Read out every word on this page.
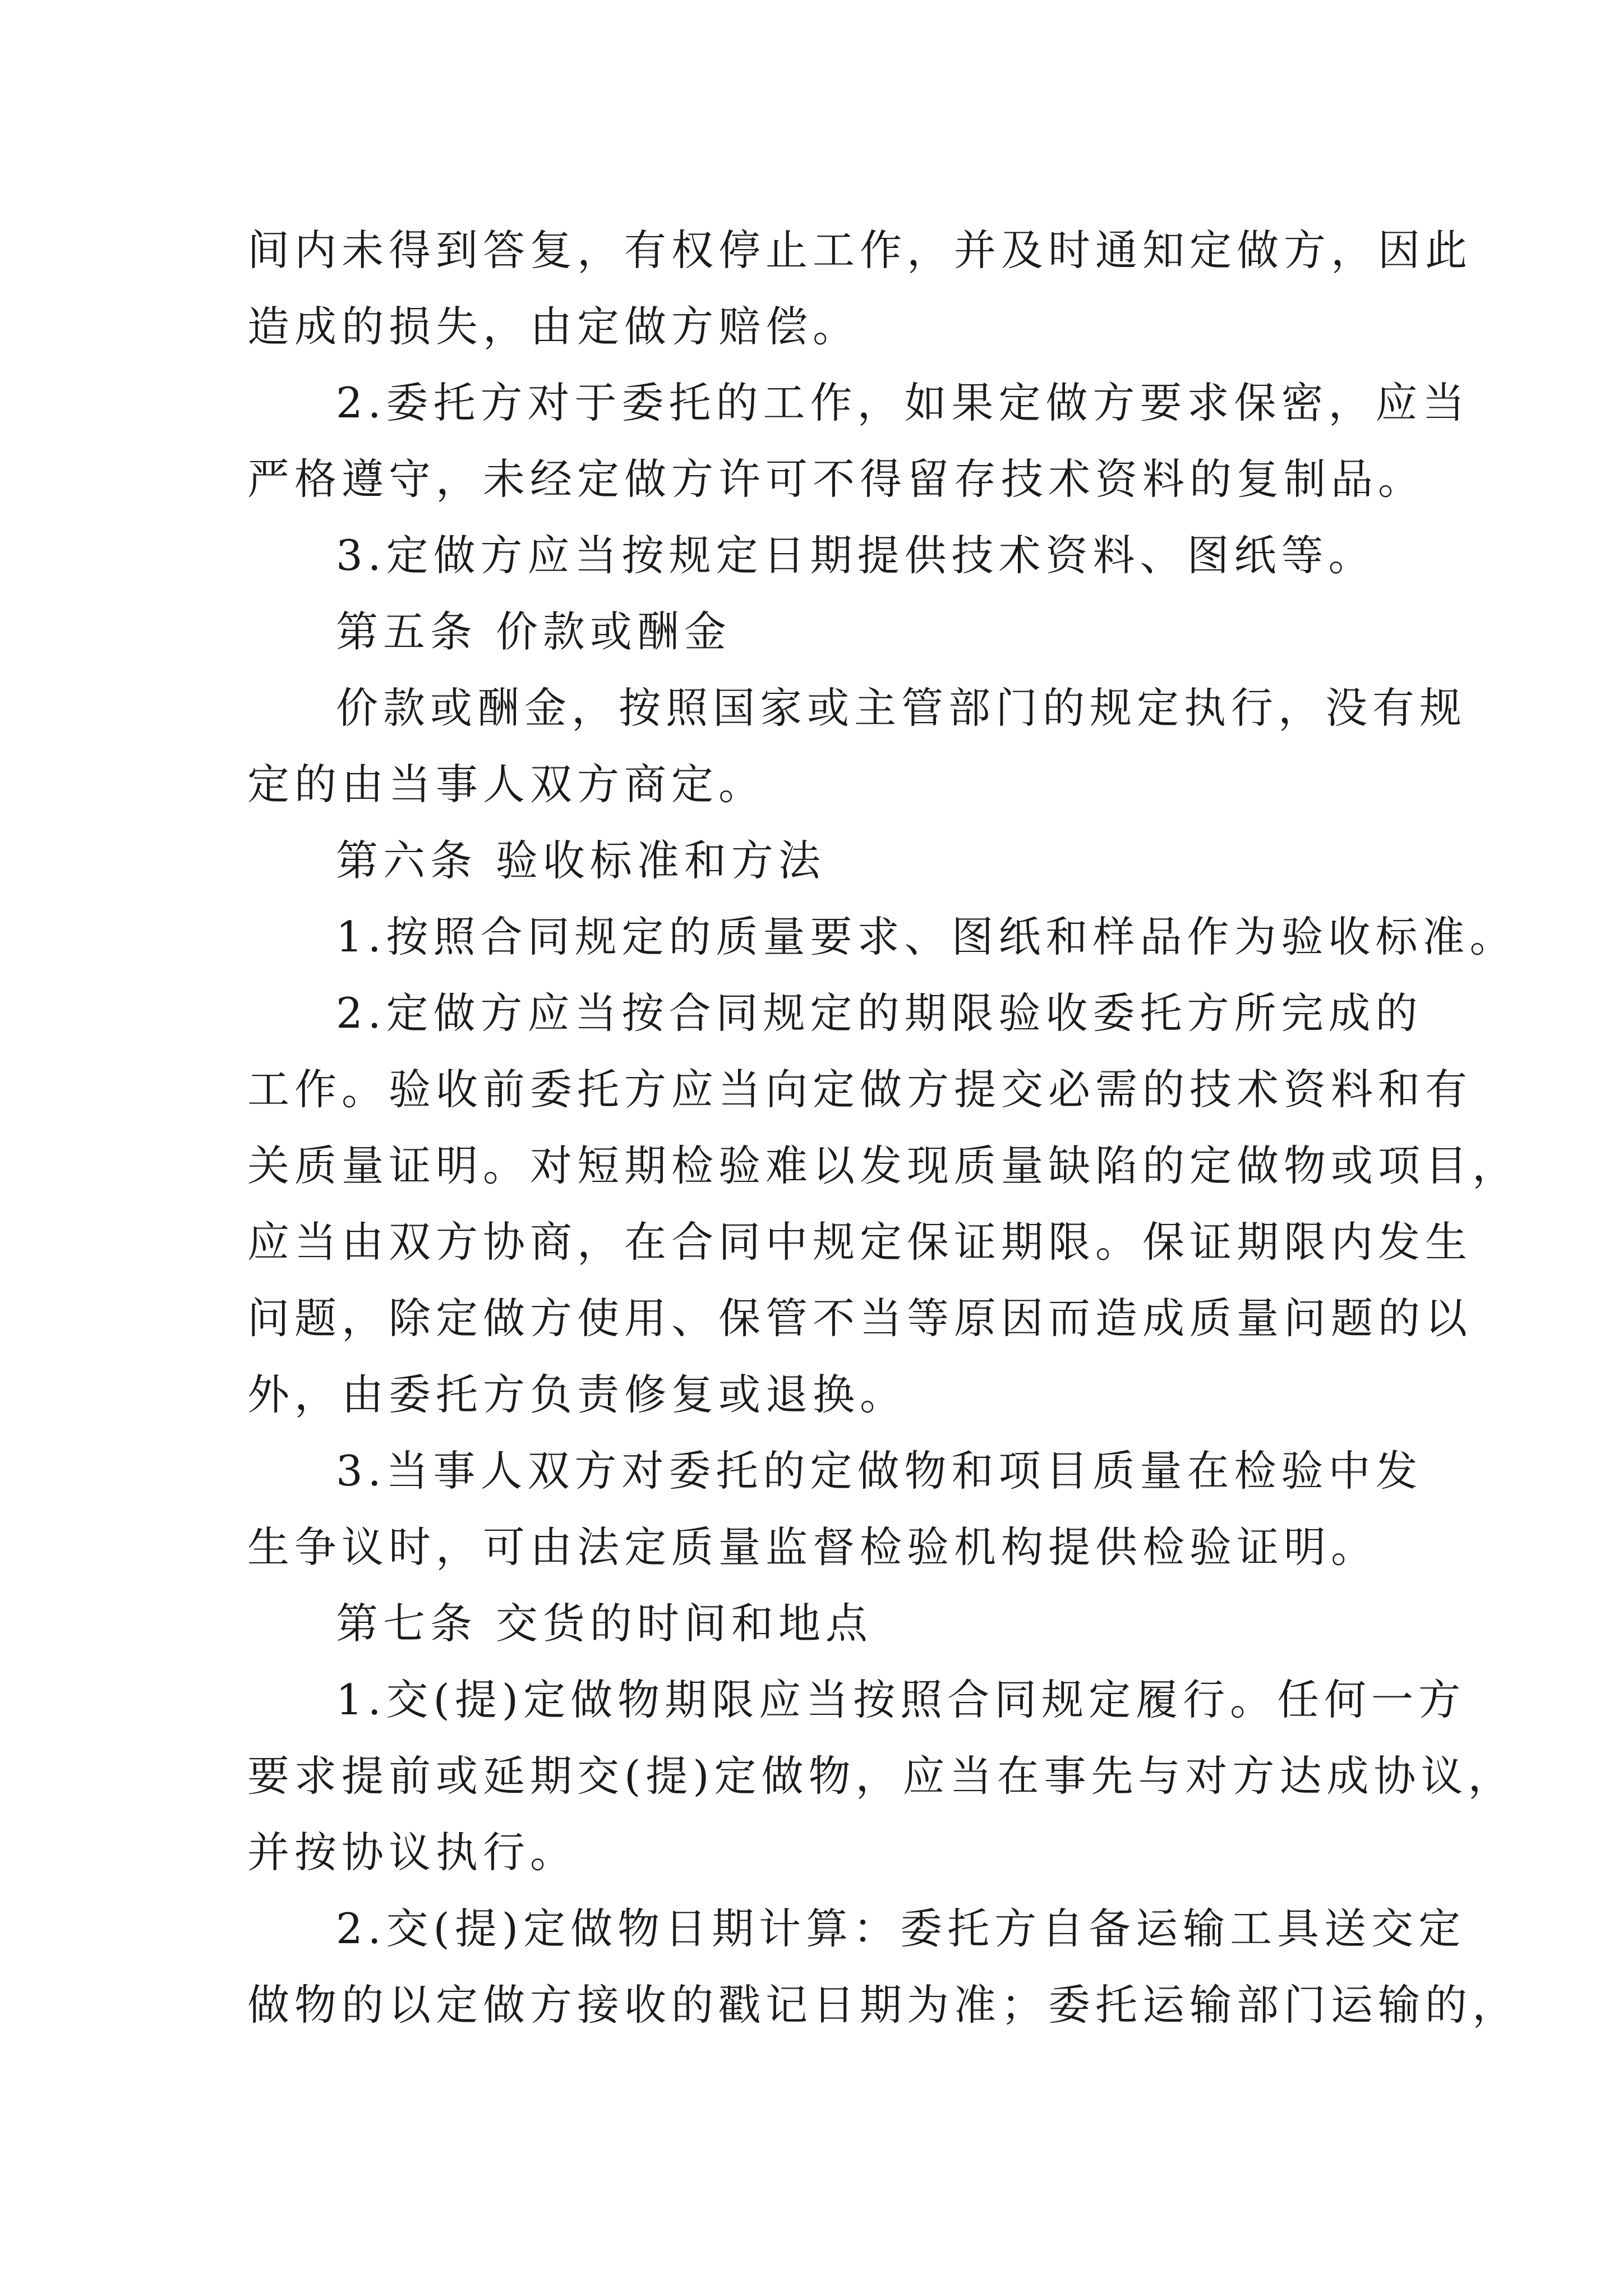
间内未得到答复，有权停止工作，并及时通知定做方，因此
造成的损失，由定做方赔偿。
2.委托方对于委托的工作，如果定做方要求保密，应当
严格遵守，未经定做方许可不得留存技术资料的复制品。
3.定做方应当按规定日期提供技术资料、图纸等。
第五条 价款或酬金
价款或酬金，按照国家或主管部门的规定执行，没有规
定的由当事人双方商定。
第六条 验收标准和方法
1.按照合同规定的质量要求、图纸和样品作为验收标准。
2.定做方应当按合同规定的期限验收委托方所完成的
工作。验收前委托方应当向定做方提交必需的技术资料和有
关质量证明。对短期检验难以发现质量缺陷的定做物或项目，
应当由双方协商，在合同中规定保证期限。保证期限内发生
问题，除定做方使用、保管不当等原因而造成质量问题的以
外，由委托方负责修复或退换。
3.当事人双方对委托的定做物和项目质量在检验中发
生争议时，可由法定质量监督检验机构提供检验证明。
第七条 交货的时间和地点
1.交(提)定做物期限应当按照合同规定履行。任何一方
要求提前或延期交(提)定做物，应当在事先与对方达成协议，
并按协议执行。
2.交(提)定做物日期计算：委托方自备运输工具送交定
做物的以定做方接收的戳记日期为准；委托运输部门运输的，
